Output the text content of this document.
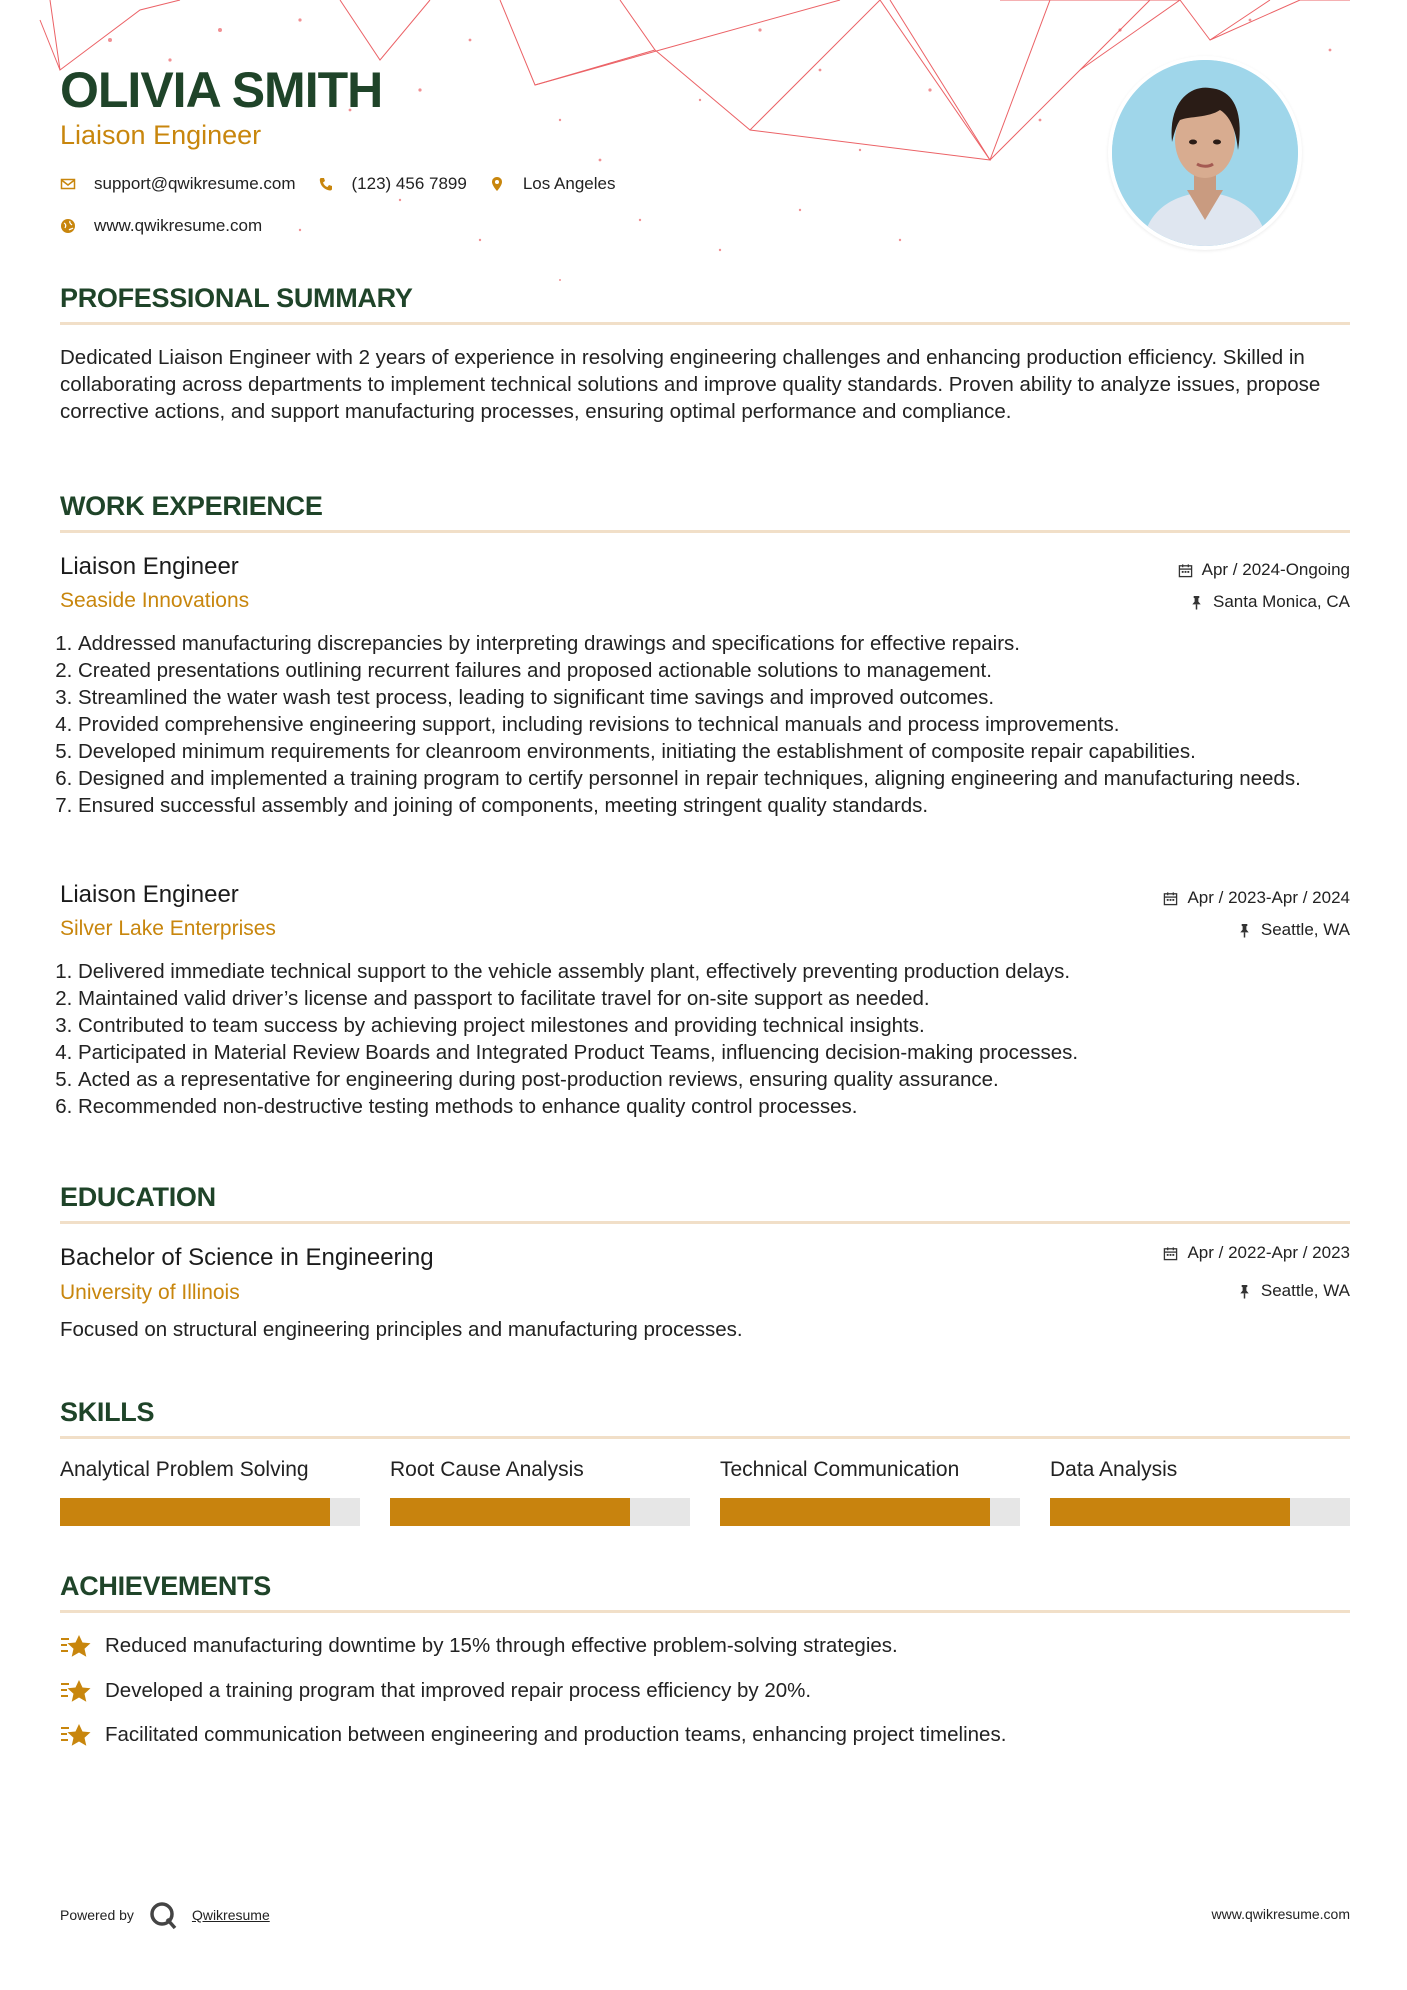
OLIVIA SMITH
Liaison Engineer
support@qwikresume.com	(123) 456 7899	Los Angeles
www.qwikresume.com
PROFESSIONAL SUMMARY

Dedicated Liaison Engineer with 2 years of experience in resolving engineering challenges and enhancing production efficiency. Skilled in collaborating across departments to implement technical solutions and improve quality standards. Proven ability to analyze issues, propose corrective actions, and support manufacturing processes, ensuring optimal performance and compliance.

WORK EXPERIENCE
Liaison Engineer
Seaside Innovations
Apr / 2024-Ongoing
Santa Monica, CA
1. Addressed manufacturing discrepancies by interpreting drawings and specifications for effective repairs.
2. Created presentations outlining recurrent failures and proposed actionable solutions to management.
3. Streamlined the water wash test process, leading to significant time savings and improved outcomes.
4. Provided comprehensive engineering support, including revisions to technical manuals and process improvements.
5. Developed minimum requirements for cleanroom environments, initiating the establishment of composite repair capabilities.
6. Designed and implemented a training program to certify personnel in repair techniques, aligning engineering and manufacturing needs.
7. Ensured successful assembly and joining of components, meeting stringent quality standards.
Liaison Engineer
Silver Lake Enterprises
Apr / 2023-Apr / 2024
Seattle, WA
1. Delivered immediate technical support to the vehicle assembly plant, effectively preventing production delays.
2. Maintained valid driver’s license and passport to facilitate travel for on-site support as needed.
3. Contributed to team success by achieving project milestones and providing technical insights.
4. Participated in Material Review Boards and Integrated Product Teams, influencing decision-making processes.
5. Acted as a representative for engineering during post-production reviews, ensuring quality assurance.
6. Recommended non-destructive testing methods to enhance quality control processes.
EDUCATION
Bachelor of Science in Engineering
University of Illinois
Apr / 2022-Apr / 2023
Seattle, WA

Focused on structural engineering principles and manufacturing processes.

SKILLS
Analytical Problem Solving	Root Cause Analysis	Technical Communication	Data Analysis
ACHIEVEMENTS
Reduced manufacturing downtime by 15% through effective problem-solving strategies.
Developed a training program that improved repair process efficiency by 20%.
Facilitated communication between engineering and production teams, enhancing project timelines.
Powered by	Qwikresume	www.qwikresume.com
